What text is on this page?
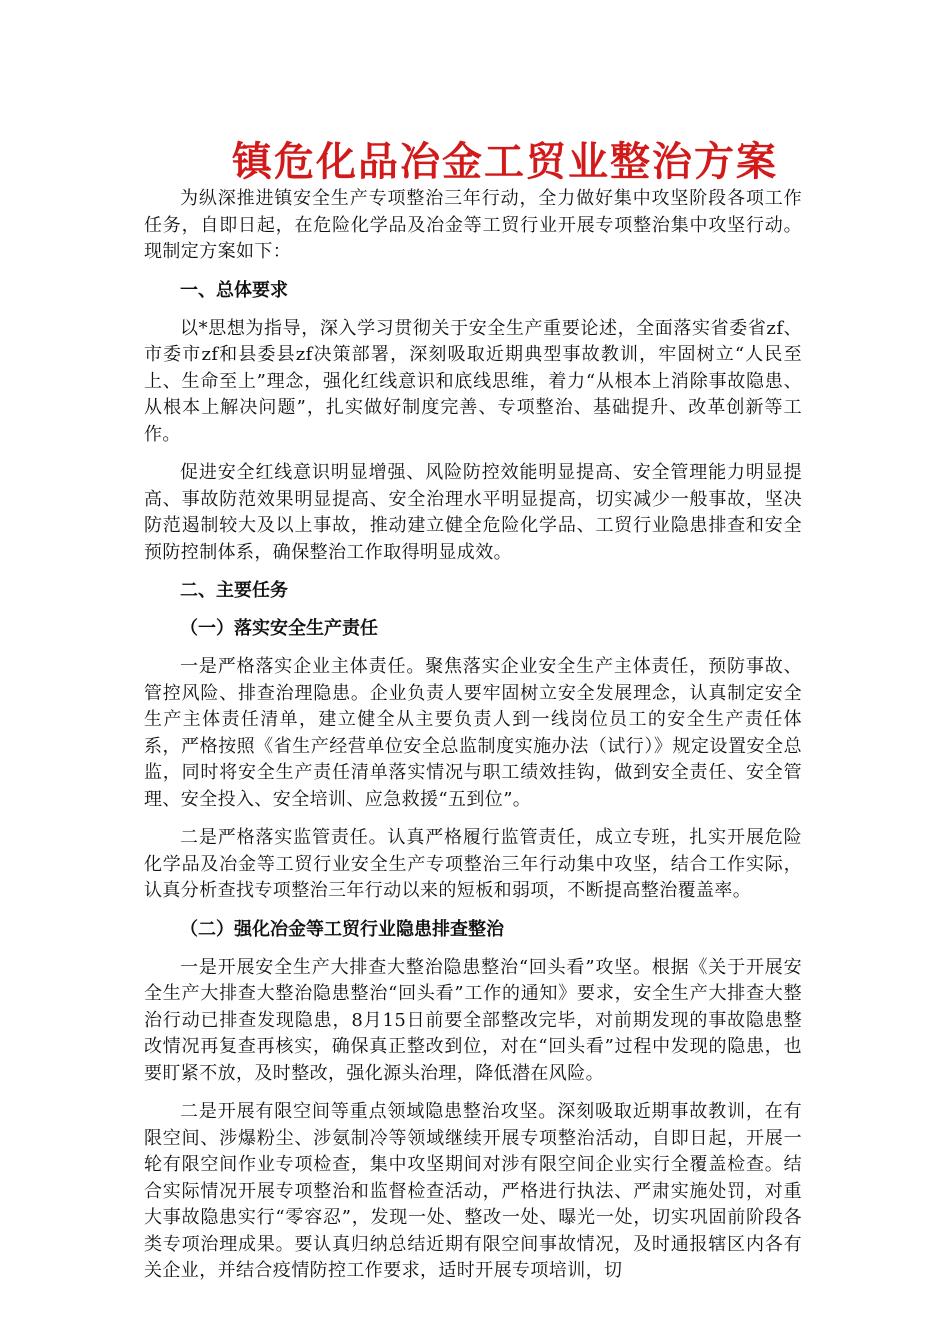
镇危化品冶金工贸业整治方案

为纵深推进镇安全生产专项整治三年行动，全力做好集中攻坚阶段各项工作任务，自即日起，在危险化学品及冶金等工贸行业开展专项整治集中攻坚行动。现制定方案如下：

一、总体要求

以*思想为指导，深入学习贯彻关于安全生产重要论述，全面落实省委省zf、市委市zf和县委县zf决策部署，深刻吸取近期典型事故教训，牢固树立“人民至上、生命至上”理念，强化红线意识和底线思维，着力“从根本上消除事故隐患、从根本上解决问题”，扎实做好制度完善、专项整治、基础提升、改革创新等工作。

促进安全红线意识明显增强、风险防控效能明显提高、安全管理能力明显提高、事故防范效果明显提高、安全治理水平明显提高，切实减少一般事故，坚决防范遏制较大及以上事故，推动建立健全危险化学品、工贸行业隐患排查和安全预防控制体系，确保整治工作取得明显成效。

二、主要任务
（一）落实安全生产责任

一是严格落实企业主体责任。聚焦落实企业安全生产主体责任，预防事故、管控风险、排查治理隐患。企业负责人要牢固树立安全发展理念，认真制定安全生产主体责任清单，建立健全从主要负责人到一线岗位员工的安全生产责任体系，严格按照《省生产经营单位安全总监制度实施办法（试行）》规定设置安全总监，同时将安全生产责任清单落实情况与职工绩效挂钩，做到安全责任、安全管理、安全投入、安全培训、应急救援“五到位”。

二是严格落实监管责任。认真严格履行监管责任，成立专班，扎实开展危险化学品及冶金等工贸行业安全生产专项整治三年行动集中攻坚，结合工作实际，认真分析查找专项整治三年行动以来的短板和弱项，不断提高整治覆盖率。

（二）强化冶金等工贸行业隐患排查整治

一是开展安全生产大排查大整治隐患整治“回头看”攻坚。根据《关于开展安全生产大排查大整治隐患整治“回头看”工作的通知》要求，安全生产大排查大整治行动已排查发现隐患，8月15日前要全部整改完毕，对前期发现的事故隐患整改情况再复查再核实，确保真正整改到位，对在“回头看”过程中发现的隐患，也要盯紧不放，及时整改，强化源头治理，降低潜在风险。

二是开展有限空间等重点领域隐患整治攻坚。深刻吸取近期事故教训，在有限空间、涉爆粉尘、涉氨制冷等领域继续开展专项整治活动，自即日起，开展一轮有限空间作业专项检查，集中攻坚期间对涉有限空间企业实行全覆盖检查。结合实际情况开展专项整治和监督检查活动，严格进行执法、严肃实施处罚，对重大事故隐患实行“零容忍”，发现一处、整改一处、曝光一处，切实巩固前阶段各类专项治理成果。要认真归纳总结近期有限空间事故情况，及时通报辖区内各有关企业，并结合疫情防控工作要求，适时开展专项培训，切
